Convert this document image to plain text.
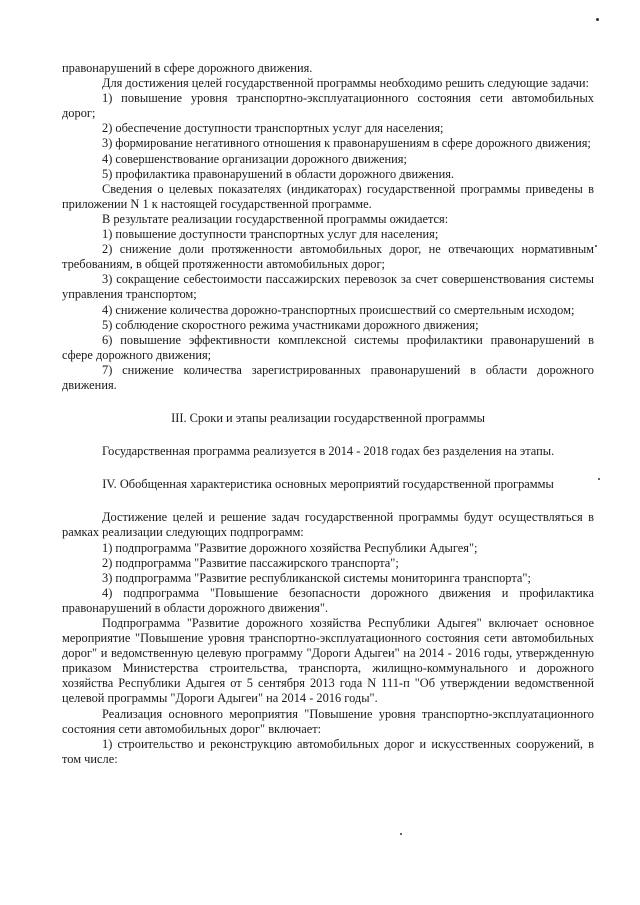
правонарушений в сфере дорожного движения.

Для достижения целей государственной программы необходимо решить следующие задачи:

1) повышение уровня транспортно-эксплуатационного состояния сети автомобильных дорог;

2) обеспечение доступности транспортных услуг для населения;

3) формирование негативного отношения к правонарушениям в сфере дорожного движения;

4) совершенствование организации дорожного движения;

5) профилактика правонарушений в области дорожного движения.

Сведения о целевых показателях (индикаторах) государственной программы приведены в приложении N 1 к настоящей государственной программе.

В результате реализации государственной программы ожидается:

1) повышение доступности транспортных услуг для населения;

2) снижение доли протяженности автомобильных дорог, не отвечающих нормативным требованиям, в общей протяженности автомобильных дорог;

3) сокращение себестоимости пассажирских перевозок за счет совершенствования системы управления транспортом;

4) снижение количества дорожно-транспортных происшествий со смертельным исходом;

5) соблюдение скоростного режима участниками дорожного движения;

6) повышение эффективности комплексной системы профилактики правонарушений в сфере дорожного движения;

7) снижение количества зарегистрированных правонарушений в области дорожного движения.

III. Сроки и этапы реализации государственной программы

Государственная программа реализуется в 2014 - 2018 годах без разделения на этапы.

IV. Обобщенная характеристика основных мероприятий государственной программы

Достижение целей и решение задач государственной программы будут осуществляться в рамках реализации следующих подпрограмм:

1) подпрограмма "Развитие дорожного хозяйства Республики Адыгея";

2) подпрограмма "Развитие пассажирского транспорта";

3) подпрограмма "Развитие республиканской системы мониторинга транспорта";

4) подпрограмма "Повышение безопасности дорожного движения и профилактика правонарушений в области дорожного движения".

Подпрограмма "Развитие дорожного хозяйства Республики Адыгея" включает основное мероприятие "Повышение уровня транспортно-эксплуатационного состояния сети автомобильных дорог" и ведомственную целевую программу "Дороги Адыгеи" на 2014 - 2016 годы, утвержденную приказом Министерства строительства, транспорта, жилищно-коммунального и дорожного хозяйства Республики Адыгея от 5 сентября 2013 года N 111-п "Об утверждении ведомственной целевой программы "Дороги Адыгеи" на 2014 - 2016 годы".

Реализация основного мероприятия "Повышение уровня транспортно-эксплуатационного состояния сети автомобильных дорог" включает:

1) строительство и реконструкцию автомобильных дорог и искусственных сооружений, в том числе:
